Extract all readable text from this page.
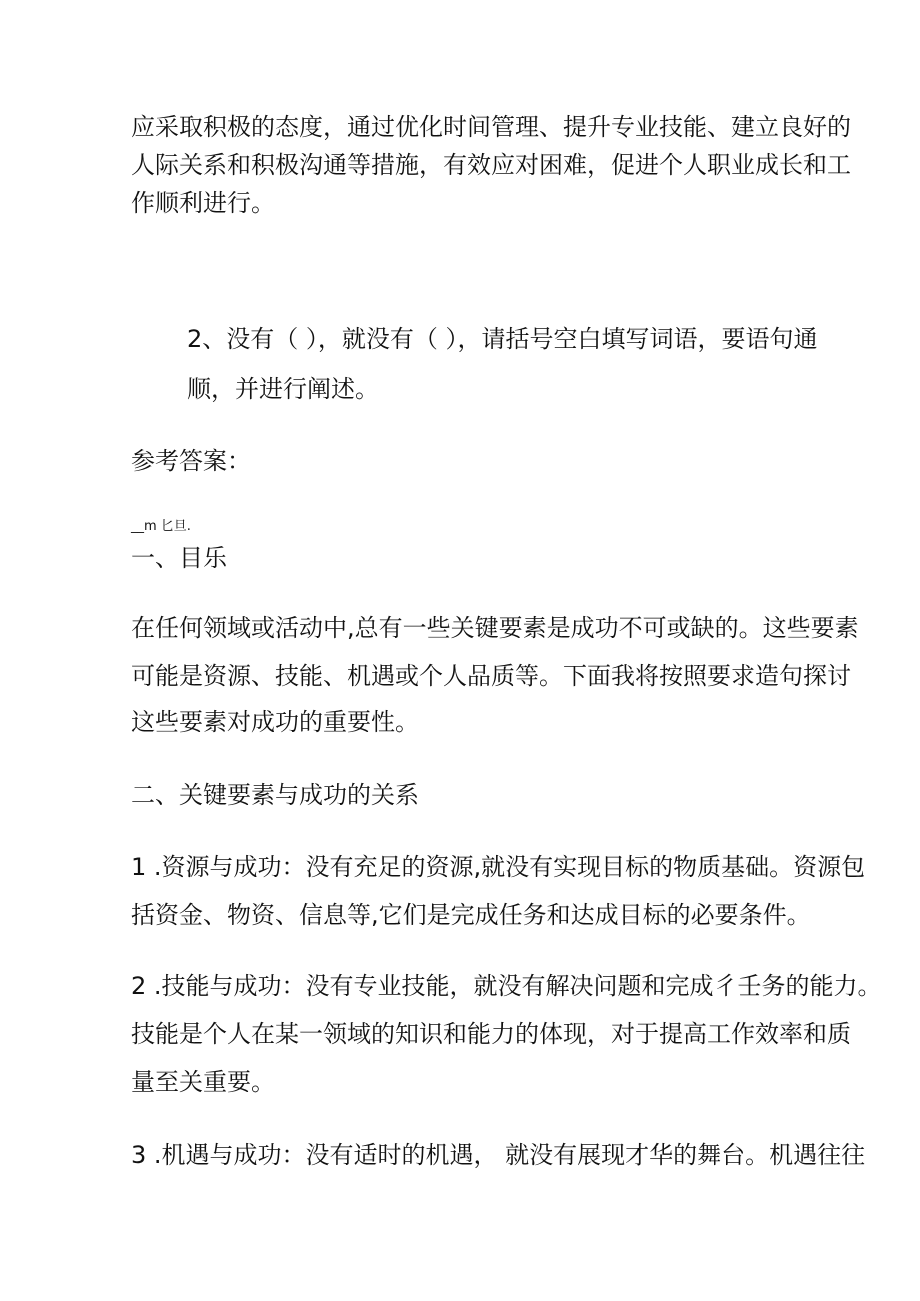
应采取积极的态度，通过优化时间管理、提升专业技能、建立良好的
人际关系和积极沟通等措施，有效应对困难，促进个人职业成长和工
作顺利进行。
2、没有（ ），就没有（ ），请括号空白填写词语，要语句通
顺，并进行阐述。
参考答案：
__m 匕旦.
一、目乐
在任何领域或活动中,总有一些关键要素是成功不可或缺的。这些要素
可能是资源、技能、机遇或个人品质等。下面我将按照要求造句探讨
这些要素对成功的重要性。
二、关键要素与成功的关系
1 .资源与成功：没有充足的资源,就没有实现目标的物质基础。资源包
括资金、物资、信息等,它们是完成任务和达成目标的必要条件。
2 .技能与成功：没有专业技能，就没有解决问题和完成彳壬务的能力。
技能是个人在某一领域的知识和能力的体现，对于提高工作效率和质
量至关重要。
3 .机遇与成功：没有适时的机遇， 就没有展现才华的舞台。机遇往往
